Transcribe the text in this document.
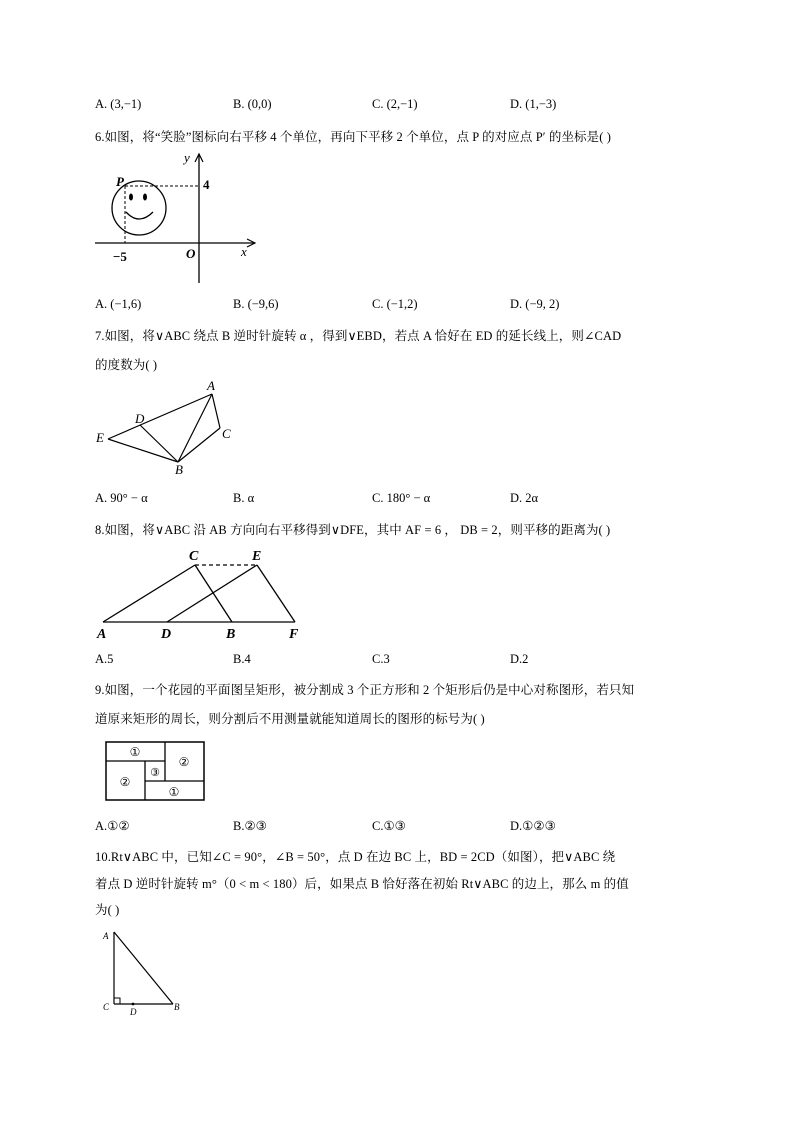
A. (3,−1)	B. (0,0)	C. (2,−1)	D. (1,−3)
6.如图，将“笑脸”图标向右平移 4 个单位，再向下平移 2 个单位，点 P 的对应点 P′ 的坐标是( )
y
x
P	4
O
−5
A. (−1,6)	B. (−9,6)	C. (−1,2)	D. (−9, 2)
7.如图，将∨ABC 绕点 B 逆时针旋转 α ，得到∨EBD，若点 A 恰好在 ED 的延长线上，则∠CAD
的度数为( )
A
B
C
D
E
A. 90° − α	B. α	C. 180° − α	D. 2α
8.如图，将∨ABC 沿 AB 方向向右平移得到∨DFE，其中 AF = 6 ， DB = 2，则平移的距离为( )
A	D	B	F
C	E
A.5	B.4	C.3	D.2
9.如图，一个花园的平面图呈矩形，被分割成 3 个正方形和 2 个矩形后仍是中心对称图形，若只知
道原来矩形的周长，则分割后不用测量就能知道周长的图形的标号为( )
①
②
③
②
①
A.①②	B.②③	C.①③	D.①②③
10.Rt∨ABC 中，已知∠C = 90°，∠B = 50°，点 D 在边 BC 上，BD = 2CD（如图），把∨ABC 绕
着点 D 逆时针旋转 m°（0 < m < 180）后，如果点 B 恰好落在初始 Rt∨ABC 的边上，那么 m 的值
为( )
A
C D	B
